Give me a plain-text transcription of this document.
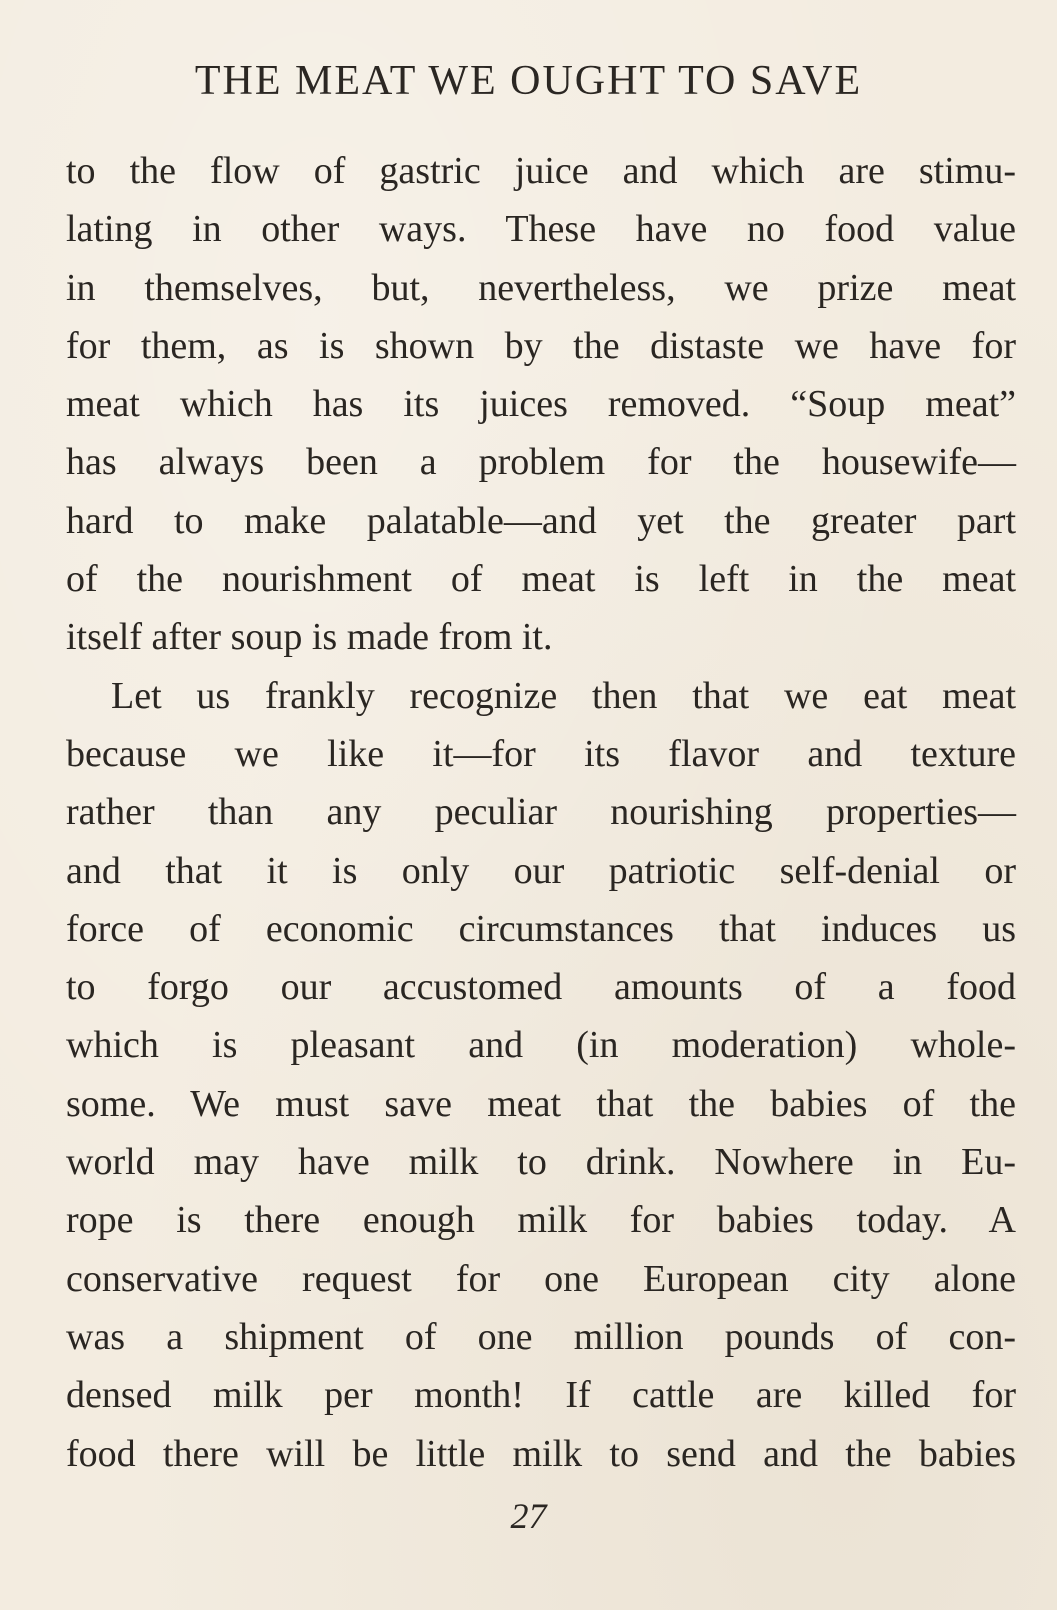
THE MEAT WE OUGHT TO SAVE
to the flow of gastric juice and which are stimu-
lating in other ways. These have no food value
in themselves, but, nevertheless, we prize meat
for them, as is shown by the distaste we have for
meat which has its juices removed. “Soup meat”
has always been a problem for the housewife—
hard to make palatable—and yet the greater part
of the nourishment of meat is left in the meat
itself after soup is made from it.
Let us frankly recognize then that we eat meat
because we like it—for its flavor and texture
rather than any peculiar nourishing properties—
and that it is only our patriotic self-denial or
force of economic circumstances that induces us
to forgo our accustomed amounts of a food
which is pleasant and (in moderation) whole-
some. We must save meat that the babies of the
world may have milk to drink. Nowhere in Eu-
rope is there enough milk for babies today. A
conservative request for one European city alone
was a shipment of one million pounds of con-
densed milk per month! If cattle are killed for
food there will be little milk to send and the babies
27
